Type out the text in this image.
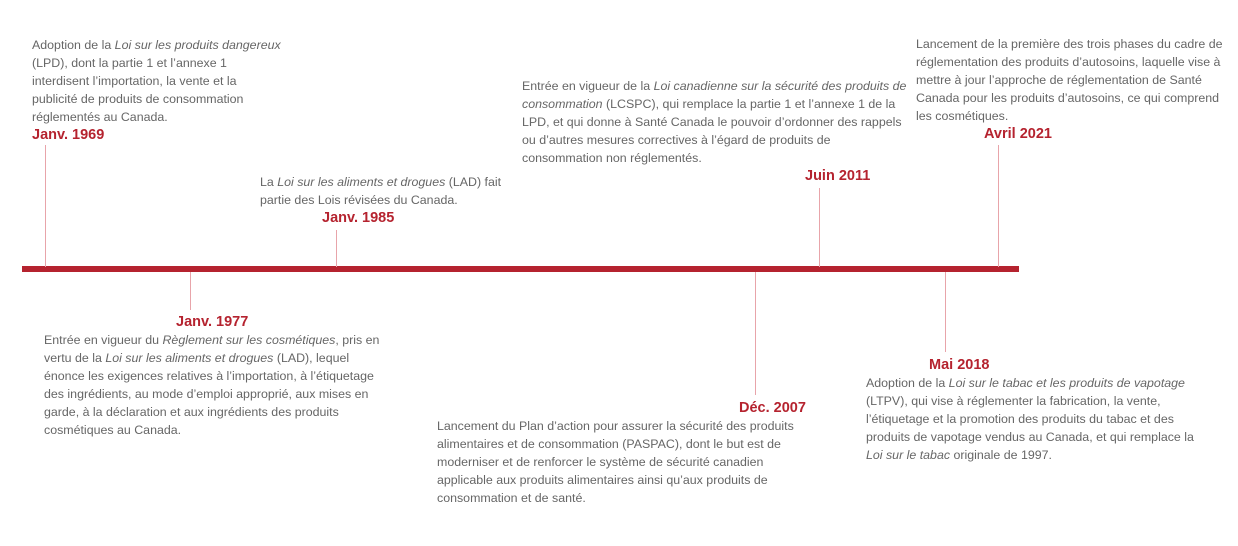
Adoption de la Loi sur les produits dangereux (LPD), dont la partie 1 et l’annexe 1 interdisent l’importation, la vente et la publicité de produits de consommation réglementés au Canada.
Janv. 1969
La Loi sur les aliments et drogues (LAD) fait partie des Lois révisées du Canada.
Janv. 1985
Entrée en vigueur de la Loi canadienne sur la sécurité des produits de consommation (LCSPC), qui remplace la partie 1 et l’annexe 1 de la LPD, et qui donne à Santé Canada le pouvoir d’ordonner des rappels ou d’autres mesures correctives à l’égard de produits de consommation non réglementés.
Juin 2011
Lancement de la première des trois phases du cadre de réglementation des produits d’autosoins, laquelle vise à mettre à jour l’approche de réglementation de Santé Canada pour les produits d’autosoins, ce qui comprend les cosmétiques.
Avril 2021
Janv. 1977
Entrée en vigueur du Règlement sur les cosmétiques, pris en vertu de la Loi sur les aliments et drogues (LAD), lequel énonce les exigences relatives à l’importation, à l’étiquetage des ingrédients, au mode d’emploi approprié, aux mises en garde, à la déclaration et aux ingrédients des produits cosmétiques au Canada.
Déc. 2007
Lancement du Plan d’action pour assurer la sécurité des produits alimentaires et de consommation (PASPAC), dont le but est de moderniser et de renforcer le système de sécurité canadien applicable aux produits alimentaires ainsi qu’aux produits de consommation et de santé.
Mai 2018
Adoption de la Loi sur le tabac et les produits de vapotage (LTPV), qui vise à réglementer la fabrication, la vente, l’étiquetage et la promotion des produits du tabac et des produits de vapotage vendus au Canada, et qui remplace la Loi sur le tabac originale de 1997.
